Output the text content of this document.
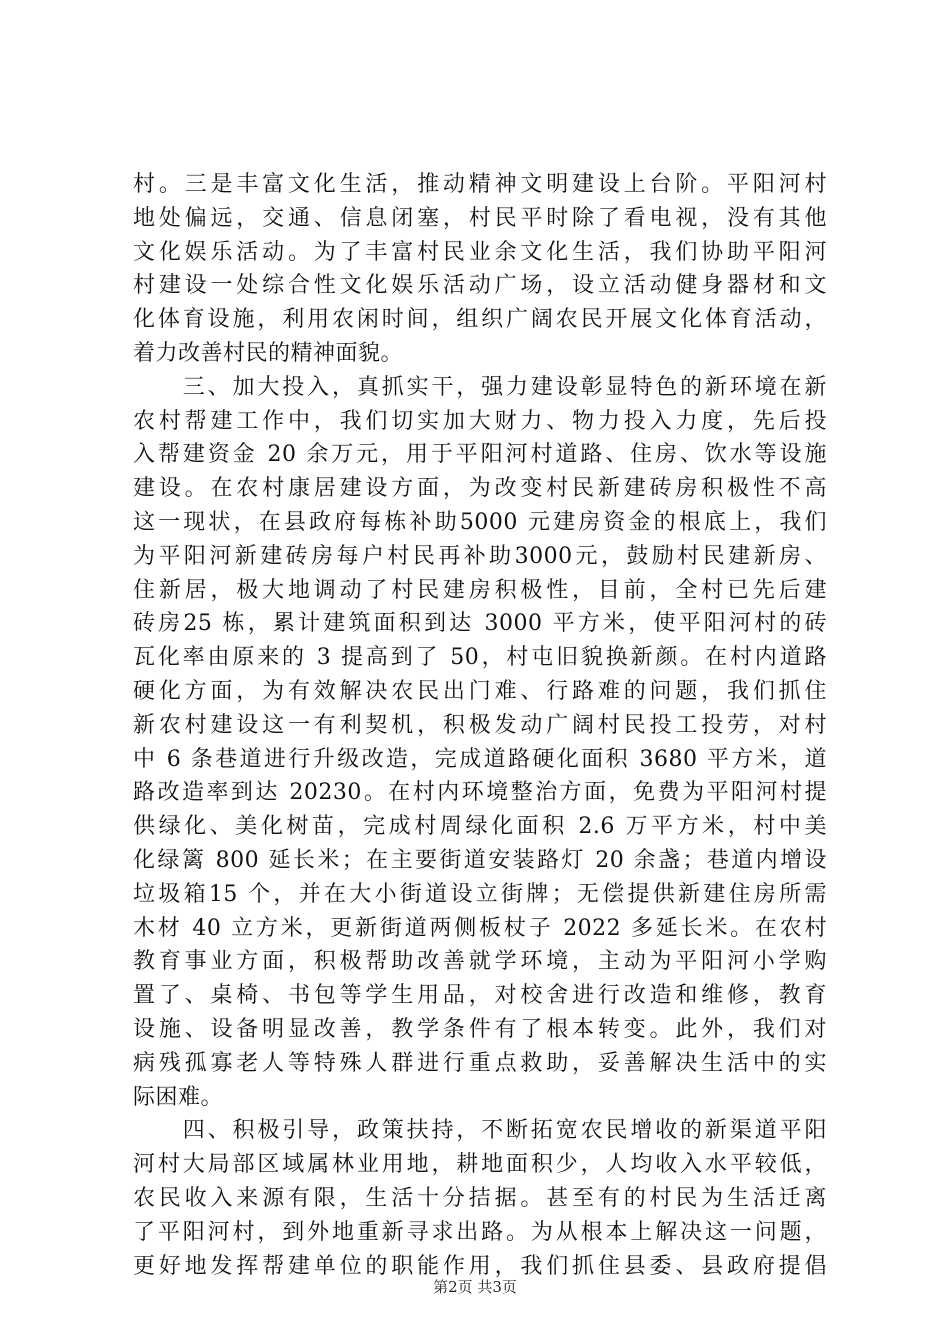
村。三是丰富文化生活，推动精神文明建设上台阶。平阳河村
地处偏远，交通、信息闭塞，村民平时除了看电视，没有其他
文化娱乐活动。为了丰富村民业余文化生活，我们协助平阳河
村建设一处综合性文化娱乐活动广场，设立活动健身器材和文
化体育设施，利用农闲时间，组织广阔农民开展文化体育活动，
着力改善村民的精神面貌。
　　三、加大投入，真抓实干，强力建设彰显特色的新环境在新
农村帮建工作中，我们切实加大财力、物力投入力度，先后投
入帮建资金 20 余万元，用于平阳河村道路、住房、饮水等设施
建设。在农村康居建设方面，为改变村民新建砖房积极性不高
这一现状，在县政府每栋补助5000 元建房资金的根底上，我们
为平阳河新建砖房每户村民再补助3000元，鼓励村民建新房、
住新居，极大地调动了村民建房积极性，目前，全村已先后建
砖房25 栋，累计建筑面积到达 3000 平方米，使平阳河村的砖
瓦化率由原来的 3 提高到了 50，村屯旧貌换新颜。在村内道路
硬化方面，为有效解决农民出门难、行路难的问题，我们抓住
新农村建设这一有利契机，积极发动广阔村民投工投劳，对村
中 6 条巷道进行升级改造，完成道路硬化面积 3680 平方米，道
路改造率到达 20230。在村内环境整治方面，免费为平阳河村提
供绿化、美化树苗，完成村周绿化面积 2.6 万平方米，村中美
化绿篱 800 延长米；在主要街道安装路灯 20 余盏；巷道内增设
垃圾箱15 个，并在大小街道设立街牌；无偿提供新建住房所需
木材 40 立方米，更新街道两侧板杖子 2022 多延长米。在农村
教育事业方面，积极帮助改善就学环境，主动为平阳河小学购
置了、桌椅、书包等学生用品，对校舍进行改造和维修，教育
设施、设备明显改善，教学条件有了根本转变。此外，我们对
病残孤寡老人等特殊人群进行重点救助，妥善解决生活中的实
际困难。
　　四、积极引导，政策扶持，不断拓宽农民增收的新渠道平阳
河村大局部区域属林业用地，耕地面积少，人均收入水平较低，
农民收入来源有限，生活十分拮据。甚至有的村民为生活迁离
了平阳河村，到外地重新寻求出路。为从根本上解决这一问题，
更好地发挥帮建单位的职能作用，我们抓住县委、县政府提倡
第2页 共3页
